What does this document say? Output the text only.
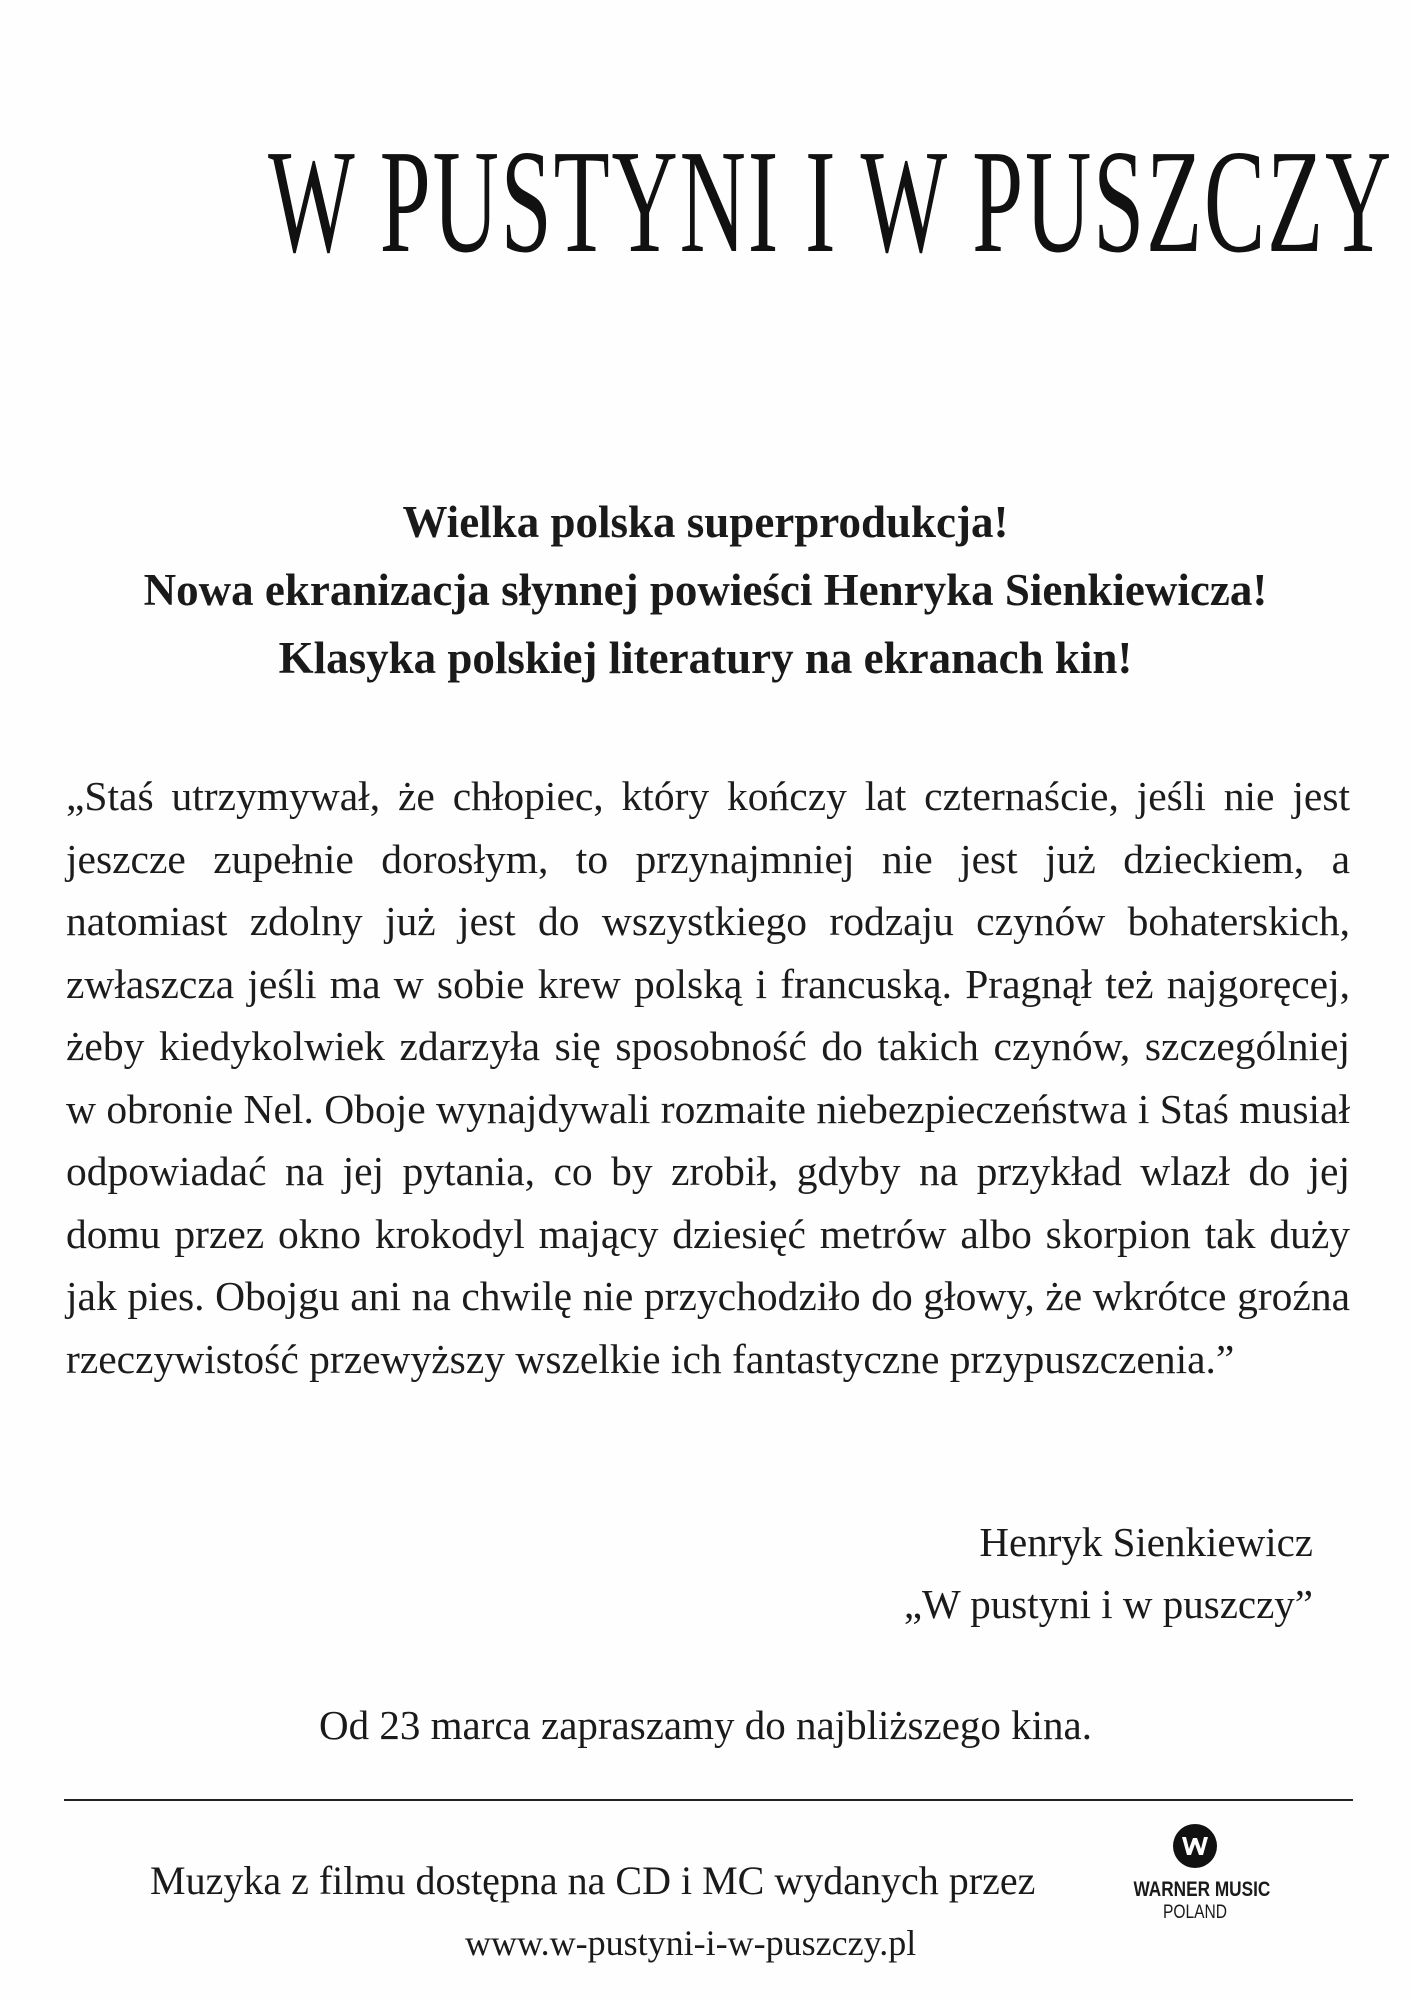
W PUSTYNI I W PUSZCZY
Wielka polska superprodukcja!
Nowa ekranizacja słynnej powieści Henryka Sienkiewicza!
Klasyka polskiej literatury na ekranach kin!
„Staś utrzymywał, że chłopiec, który kończy lat czternaście, jeśli nie jest jeszcze zupełnie dorosłym, to przynajmniej nie jest już dzieckiem, a natomiast zdolny już jest do wszystkiego rodzaju czynów bohaterskich, zwłaszcza jeśli ma w sobie krew polską i francuską. Pragnął też najgoręcej, żeby kiedykolwiek zdarzyła się sposobność do takich czynów, szczególniej w obronie Nel. Oboje wynajdywali rozmaite niebezpieczeństwa i Staś musiał odpowiadać na jej pytania, co by zrobił, gdyby na przykład wlazł do jej domu przez okno krokodyl mający dziesięć metrów albo skorpion tak duży jak pies. Obojgu ani na chwilę nie przychodziło do głowy, że wkrótce groźna rzeczywistość przewyższy wszelkie ich fantastyczne przypuszczenia.”
Henryk Sienkiewicz
„W pustyni i w puszczy”
Od 23 marca zapraszamy do najbliższego kina.
Muzyka z filmu dostępna na CD i MC wydanych przez
www.w-pustyni-i-w-puszczy.pl
WARNER MUSIC
POLAND
